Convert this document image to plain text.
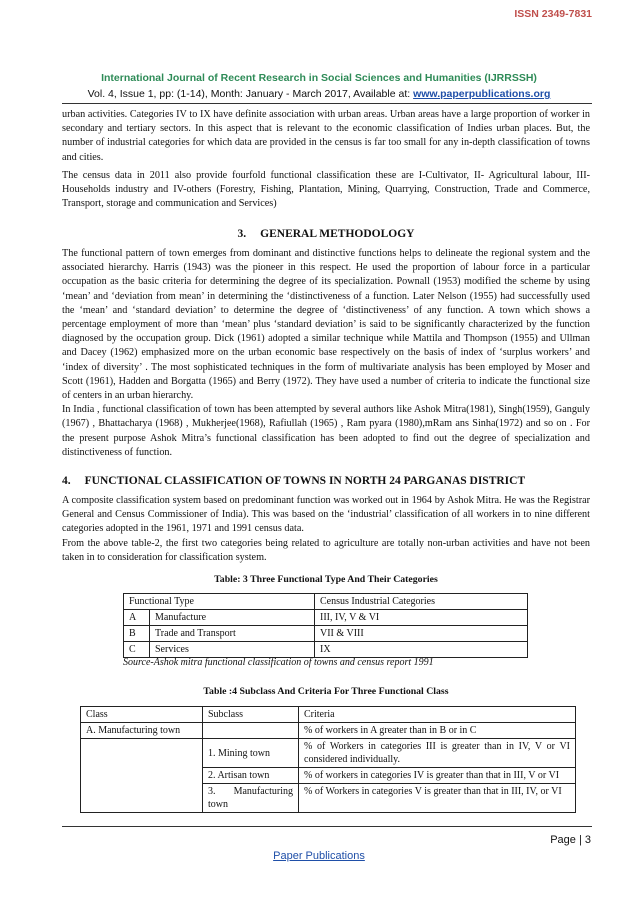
ISSN 2349-7831
International Journal of Recent Research in Social Sciences and Humanities (IJRRSSH)
Vol. 4, Issue 1, pp: (1-14), Month: January - March 2017, Available at: www.paperpublications.org

urban activities. Categories IV to IX have definite association with urban areas. Urban areas have a large proportion of worker in secondary and tertiary sectors. In this aspect that is relevant to the economic classification of Indies urban places. But, the number of industrial categories for which data are provided in the census is far too small for any in-depth classification of towns and cities.

The census data in 2011 also provide fourfold functional classification these are I-Cultivator, II- Agricultural labour, III-Households industry and IV-others (Forestry, Fishing, Plantation, Mining, Quarrying, Construction, Trade and Commerce, Transport, storage and communication and Services)

3. GENERAL METHODOLOGY

The functional pattern of town emerges from dominant and distinctive functions helps to delineate the regional system and the associated hierarchy. Harris (1943) was the pioneer in this respect. He used the proportion of labour force in a particular occupation as the basic criteria for determining the degree of its specialization. Pownall (1953) modified the scheme by using ‘mean’ and ‘deviation from mean’ in determining the ‘distinctiveness of a function. Later Nelson (1955) had successfully used the ‘mean’ and ‘standard deviation’ to determine the degree of ‘distinctiveness’ of any function. A town which shows a percentage employment of more than ‘mean’ plus ‘standard deviation’ is said to be significantly characterized by the function diagnosed by the occupation group. Dick (1961) adopted a similar technique while Mattila and Thompson (1955) and Ullman and Dacey (1962) emphasized more on the urban economic base respectively on the basis of index of ‘surplus workers’ and ‘index of diversity’ . The most sophisticated techniques in the form of multivariate analysis has been employed by Moser and Scott (1961), Hadden and Borgatta (1965) and Berry (1972). They have used a number of criteria to indicate the functional size of centers in an urban hierarchy.

In India , functional classification of town has been attempted by several authors like Ashok Mitra(1981), Singh(1959), Ganguly (1967) , Bhattacharya (1968) , Mukherjee(1968), Rafiullah (1965) , Ram pyara (1980),mRam ans Sinha(1972) and so on . For the present purpose Ashok Mitra’s functional classification has been adopted to find out the degree of specialization and distinctiveness of function.

4. FUNCTIONAL CLASSIFICATION OF TOWNS IN NORTH 24 PARGANAS DISTRICT

A composite classification system based on predominant function was worked out in 1964 by Ashok Mitra. He was the Registrar General and Census Commissioner of India). This was based on the ‘industrial’ classification of all workers in to nine different categories adopted in the 1961, 1971 and 1991 census data.

From the above table-2, the first two categories being related to agriculture are totally non-urban activities and have not been taken in to consideration for classification system.

Table: 3 Three Functional Type And Their Categories
Functional Type		Census Industrial Categories
A	Manufacture	III, IV, V & VI
B	Trade and Transport	VII & VIII
C	Services	IX
Source-Ashok mitra functional classification of towns and census report 1991
Table :4 Subclass And Criteria For Three Functional Class
Class	Subclass	Criteria
A. Manufacturing town		% of workers in A greater than in B or in C
	1. Mining town	% of Workers in categories III is greater than in IV, V or VI considered individually.
	2. Artisan town	% of workers in categories IV is greater than that in III, V or VI
	3. Manufacturing town	% of Workers in categories V is greater than that in III, IV, or VI
Page | 3
Paper Publications
